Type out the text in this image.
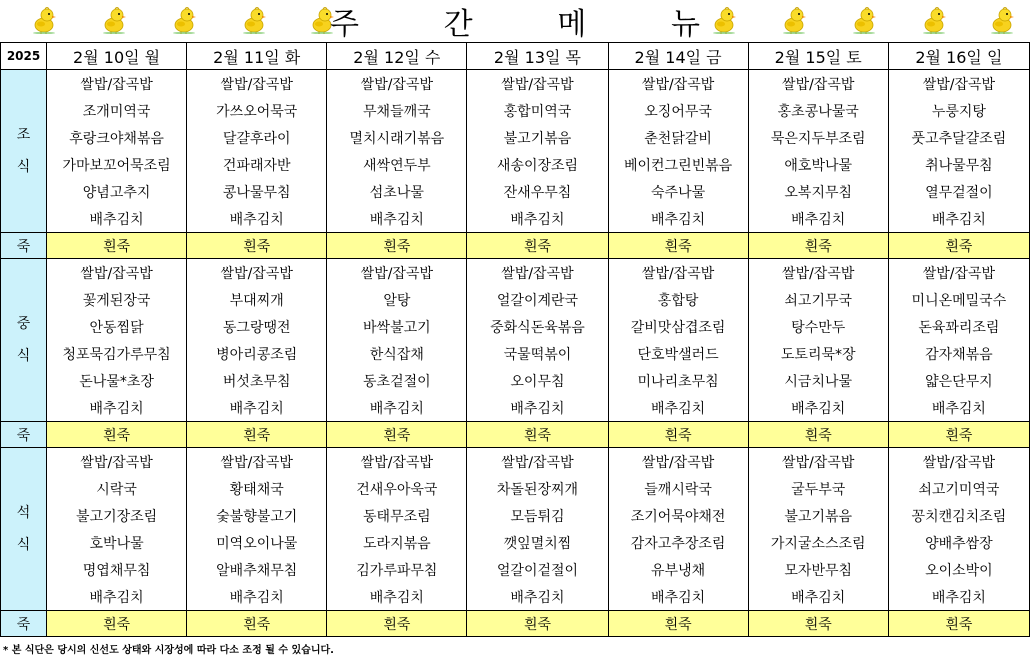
주	간	메	뉴
2025	2월 10일 월	2월 11일 화	2월 12일 수	2월 13일 목	2월 14일 금	2월 15일 토	2월 16일 일

조
식	쌀밥/잡곡밥	쌀밥/잡곡밥	쌀밥/잡곡밥	쌀밥/잡곡밥	쌀밥/잡곡밥	쌀밥/잡곡밥	쌀밥/잡곡밥
	조개미역국	가쓰오어묵국	무채들깨국	홍합미역국	오징어무국	홍초콩나물국	누룽지탕
	후랑크야채볶음	달걀후라이	멸치시래기볶음	불고기볶음	춘천닭갈비	묵은지두부조림	풋고추달걀조림
	가마보꼬어묵조림	건파래자반	새싹연두부	새송이장조림	베이컨그린빈볶음	애호박나물	취나물무침
	양념고추지	콩나물무침	섬초나물	잔새우무침	숙주나물	오복지무침	열무겉절이
	배추김치	배추김치	배추김치	배추김치	배추김치	배추김치	배추김치
죽	흰죽	흰죽	흰죽	흰죽	흰죽	흰죽	흰죽

중
식	쌀밥/잡곡밥	쌀밥/잡곡밥	쌀밥/잡곡밥	쌀밥/잡곡밥	쌀밥/잡곡밥	쌀밥/잡곡밥	쌀밥/잡곡밥
	꽃게된장국	부대찌개	알탕	얼갈이계란국	홍합탕	쇠고기무국	미니온메밀국수
	안동찜닭	동그랑땡전	바싹불고기	중화식돈육볶음	갈비맛삼겹조림	탕수만두	돈육꽈리조림
	청포묵김가루무침	병아리콩조림	한식잡채	국물떡볶이	단호박샐러드	도토리묵*장	감자채볶음
	돈나물*초장	버섯초무침	동초겉절이	오이무침	미나리초무침	시금치나물	얇은단무지
	배추김치	배추김치	배추김치	배추김치	배추김치	배추김치	배추김치
죽	흰죽	흰죽	흰죽	흰죽	흰죽	흰죽	흰죽

석
식	쌀밥/잡곡밥	쌀밥/잡곡밥	쌀밥/잡곡밥	쌀밥/잡곡밥	쌀밥/잡곡밥	쌀밥/잡곡밥	쌀밥/잡곡밥
	시락국	황태채국	건새우아욱국	차돌된장찌개	들깨시락국	굴두부국	쇠고기미역국
	불고기장조림	숯불향불고기	동태무조림	모듬튀김	조기어묵야채전	불고기볶음	꽁치캔김치조림
	호박나물	미역오이나물	도라지볶음	깻잎멸치찜	감자고추장조림	가지굴소스조림	양배추쌈장
	명엽채무침	알배추채무침	김가루파무침	얼갈이겉절이	유부냉채	모자반무침	오이소박이
	배추김치	배추김치	배추김치	배추김치	배추김치	배추김치	배추김치
죽	흰죽	흰죽	흰죽	흰죽	흰죽	흰죽	흰죽
* 본 식단은 당시의 신선도 상태와 시장성에 따라 다소 조정 될 수 있습니다.
